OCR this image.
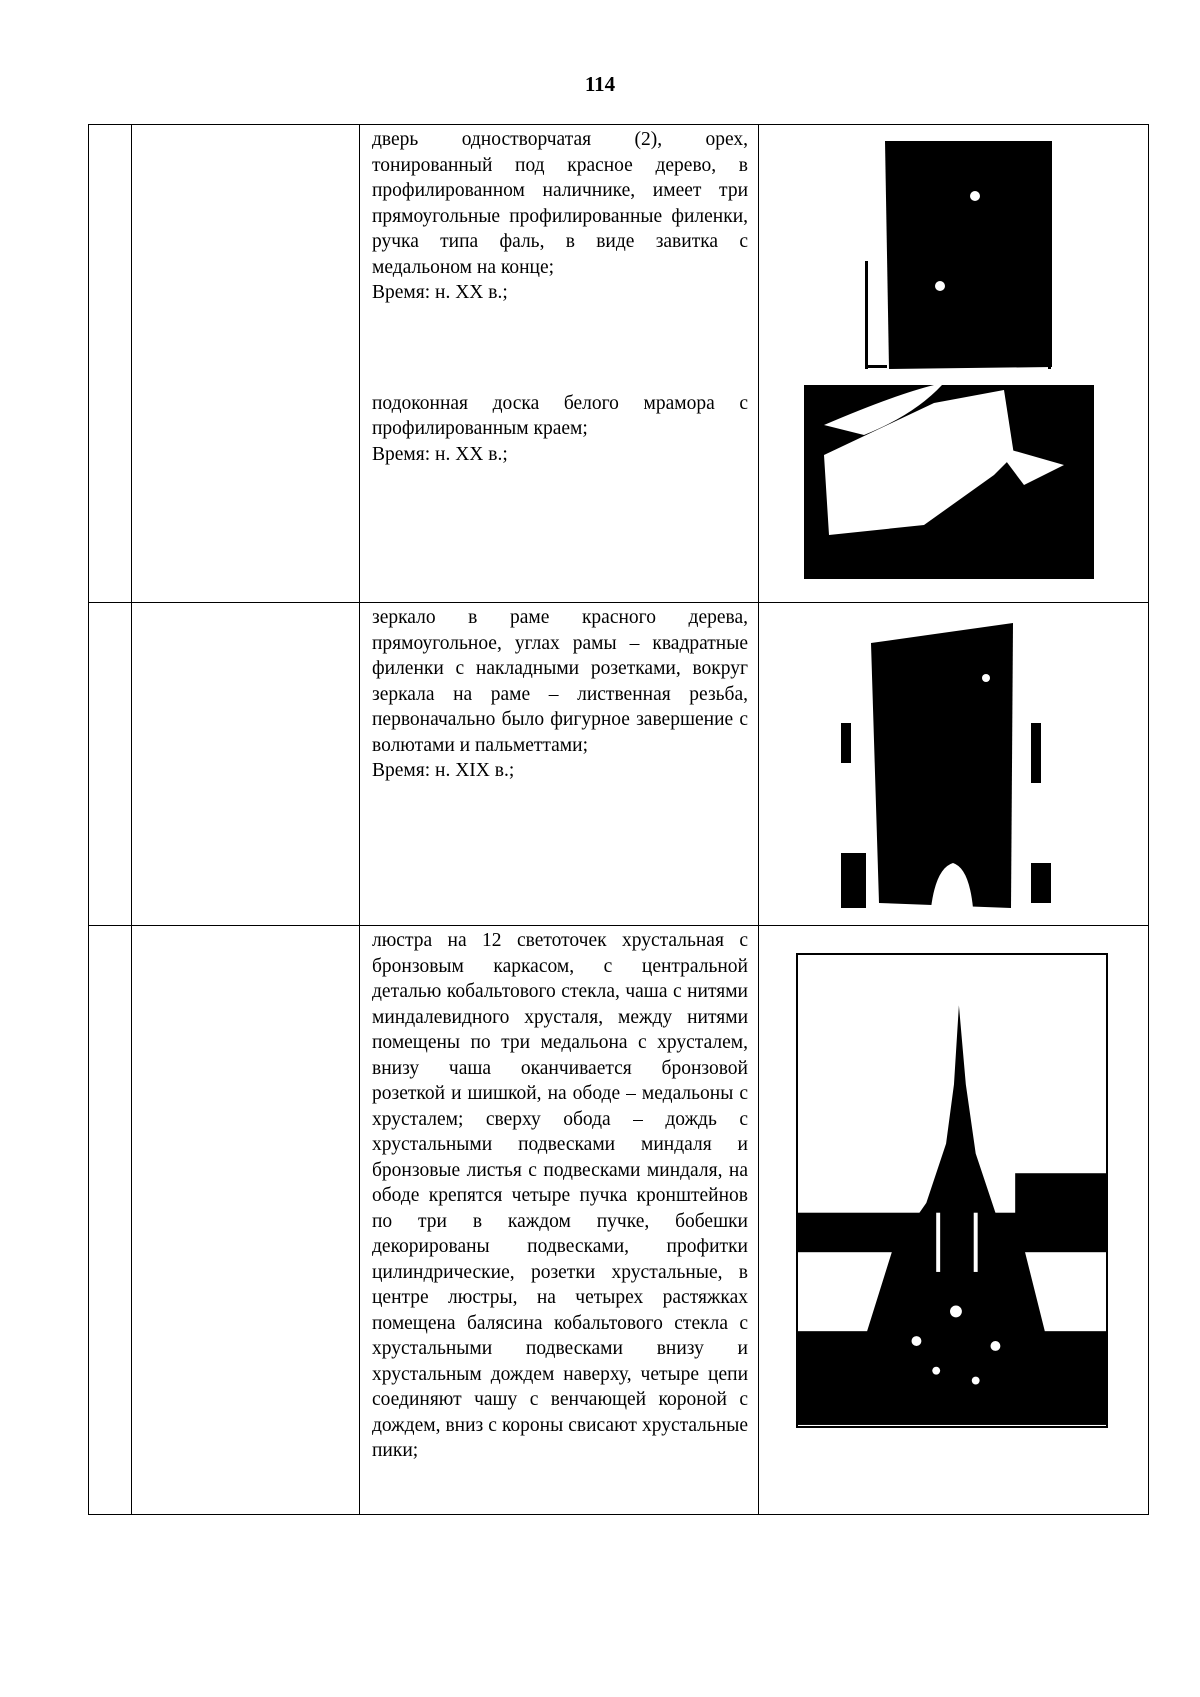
114

		дверь одностворчатая (2), орех, тонированный под красное дерево, в профилированном наличнике, имеет три прямоугольные профилированные филенки, ручка типа фаль, в виде завитка с медальоном на конце;

Время: н. XX в.;

подоконная доска белого мрамора с профилированным краем;

Время: н. XX в.;

		зеркало в раме красного дерева, прямоугольное, углах рамы – квадратные филенки с накладными розетками, вокруг зеркала на раме – лиственная резьба, первоначально было фигурное завершение с волютами и пальметтами;

Время: н. XIX в.;

		люстра на 12 светоточек хрустальная с бронзовым каркасом, с центральной деталью кобальтового стекла, чаша с нитями миндалевидного хрусталя, между нитями помещены по три медальона с хрусталем, внизу чаша оканчивается бронзовой розеткой и шишкой, на ободе – медальоны с хрусталем; сверху обода – дождь с хрустальными подвесками миндаля и бронзовые листья с подвесками миндаля, на ободе крепятся четыре пучка кронштейнов по три в каждом пучке, бобешки декорированы подвесками, профитки цилиндрические, розетки хрустальные, в центре люстры, на четырех растяжках помещена балясина кобальтового стекла с хрустальными подвесками внизу и хрустальным дождем наверху, четыре цепи соединяют чашу с венчающей короной с дождем, вниз с короны свисают хрустальные пики;
